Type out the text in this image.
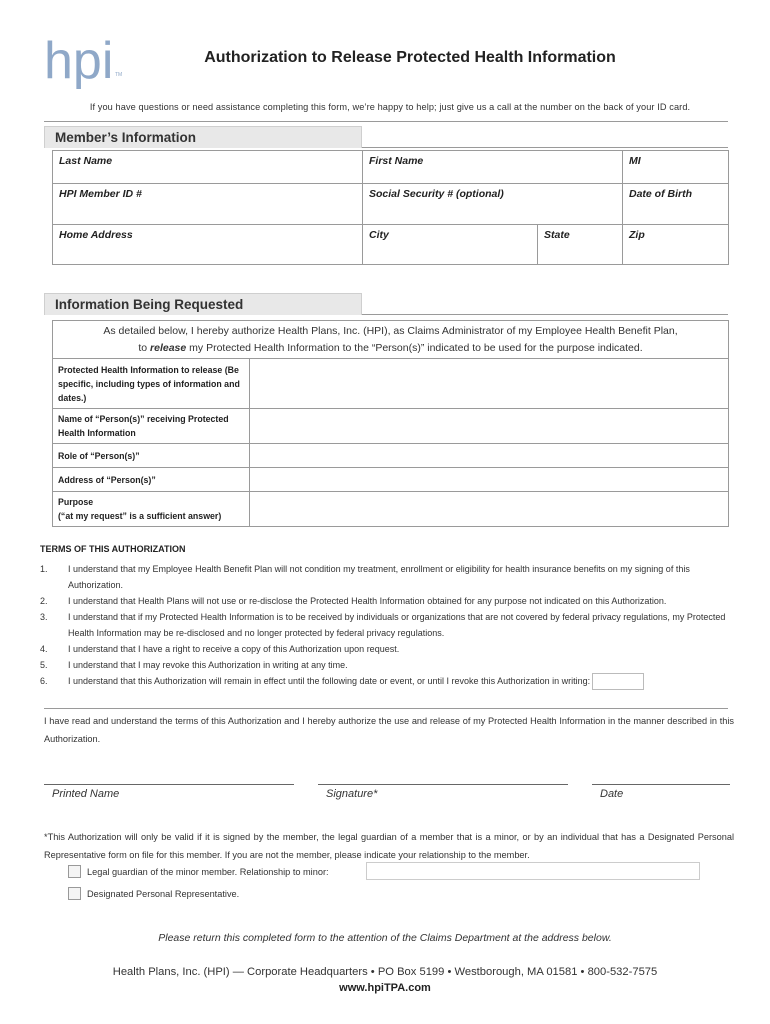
hpi TM
Authorization to Release Protected Health Information
If you have questions or need assistance completing this form, we’re happy to help; just give us a call at the number on the back of your ID card.
Member’s Information
Last Name	First Name		MI
HPI Member ID #	Social Security # (optional)		Date of Birth
Home Address	City	State	Zip
Information Being Requested
As detailed below, I hereby authorize Health Plans, Inc. (HPI), as Claims Administrator of my Employee Health Benefit Plan,
to release my Protected Health Information to the “Person(s)” indicated to be used for the purpose indicated.
Protected Health Information to release (Be specific, including types of information and dates.)	
Name of “Person(s)” receiving Protected Health Information	
Role of “Person(s)”	
Address of “Person(s)”	

Purpose
(“at my request” is a sufficient answer)	

TERMS OF THIS AUTHORIZATION
1.	I understand that my Employee Health Benefit Plan will not condition my treatment, enrollment or eligibility for health insurance benefits on my signing of this Authorization.
2.	I understand that Health Plans will not use or re-disclose the Protected Health Information obtained for any purpose not indicated on this Authorization.
3.	I understand that if my Protected Health Information is to be received by individuals or organizations that are not covered by federal privacy regulations, my Protected Health Information may be re-disclosed and no longer protected by federal privacy regulations.
4.	I understand that I have a right to receive a copy of this Authorization upon request.
5.	I understand that I may revoke this Authorization in writing at any time.
6.	I understand that this Authorization will remain in effect until the following date or event, or until I revoke this Authorization in writing:
I have read and understand the terms of this Authorization and I hereby authorize the use and release of my Protected Health Information in the manner described in this Authorization.
Printed Name	Signature*	Date
*This Authorization will only be valid if it is signed by the member, the legal guardian of a member that is a minor, or by an individual that has a Designated Personal Representative form on file for this member. If you are not the member, please indicate your relationship to the member.
Legal guardian of the minor member. Relationship to minor:
Designated Personal Representative.
Please return this completed form to the attention of the Claims Department at the address below.
Health Plans, Inc. (HPI) — Corporate Headquarters • PO Box 5199 • Westborough, MA 01581 • 800-532-7575
www.hpiTPA.com
